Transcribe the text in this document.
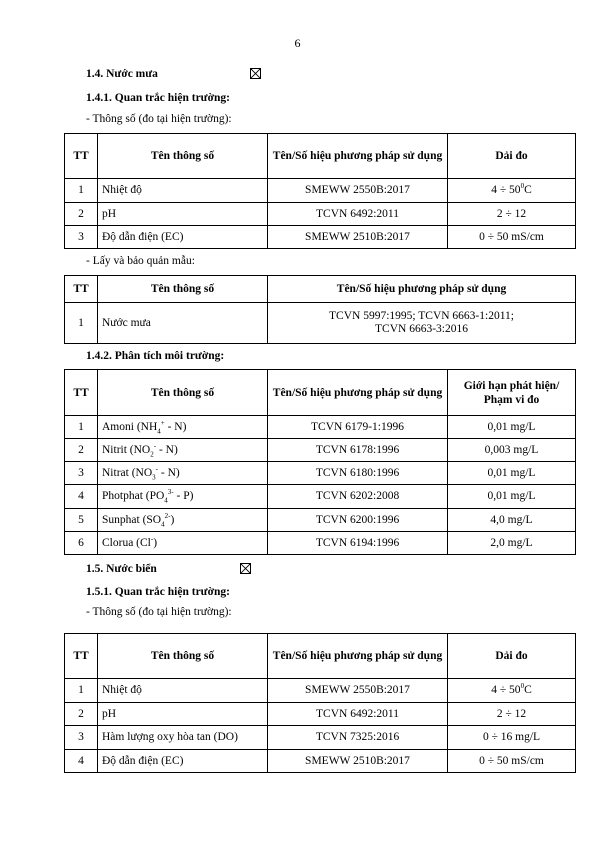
6
1.4. Nước mưa
1.4.1. Quan trắc hiện trường:
- Thông số (đo tại hiện trường):
TT	Tên thông số	Tên/Số hiệu phương pháp sử dụng	Dải đo
1	Nhiệt độ	SMEWW 2550B:2017	$4 \div 50^0C$
2	pH	TCVN 6492:2011	2 ÷ 12
3	Độ dẫn điện (EC)	SMEWW 2510B:2017	0 ÷ 50 mS/cm
- Lấy và bảo quản mẫu:
TT	Tên thông số	Tên/Số hiệu phương pháp sử dụng
1	Nước mưa	TCVN 5997:1995; TCVN 6663-1:2011;
TCVN 6663-3:2016
1.4.2. Phân tích môi trường:
TT	Tên thông số	Tên/Số hiệu phương pháp sử dụng	Giới hạn phát hiện/ Phạm vi đo
1	Amoni $(NH_4^+ - N)$	TCVN 6179-1:1996	0,01 mg/L
2	Nitrit $(NO_2^- - N)$	TCVN 6178:1996	0,003 mg/L
3	Nitrat $(NO_3^- - N)$	TCVN 6180:1996	0,01 mg/L
4	Photphat $(PO_4^{3-} - P)$	TCVN 6202:2008	0,01 mg/L
5	Sunphat $(SO_4^{2-})$	TCVN 6200:1996	4,0 mg/L
6	Clorua (Cl-)	TCVN 6194:1996	2,0 mg/L
1.5. Nước biển
1.5.1. Quan trắc hiện trường:
- Thông số (đo tại hiện trường):
TT	Tên thông số	Tên/Số hiệu phương pháp sử dụng	Dải đo
1	Nhiệt độ	SMEWW 2550B:2017	$4 \div 50^0C$
2	pH	TCVN 6492:2011	2 ÷ 12
3	Hàm lượng oxy hòa tan (DO)	TCVN 7325:2016	0 ÷ 16 mg/L
4	Độ dẫn điện (EC)	SMEWW 2510B:2017	0 ÷ 50 mS/cm
